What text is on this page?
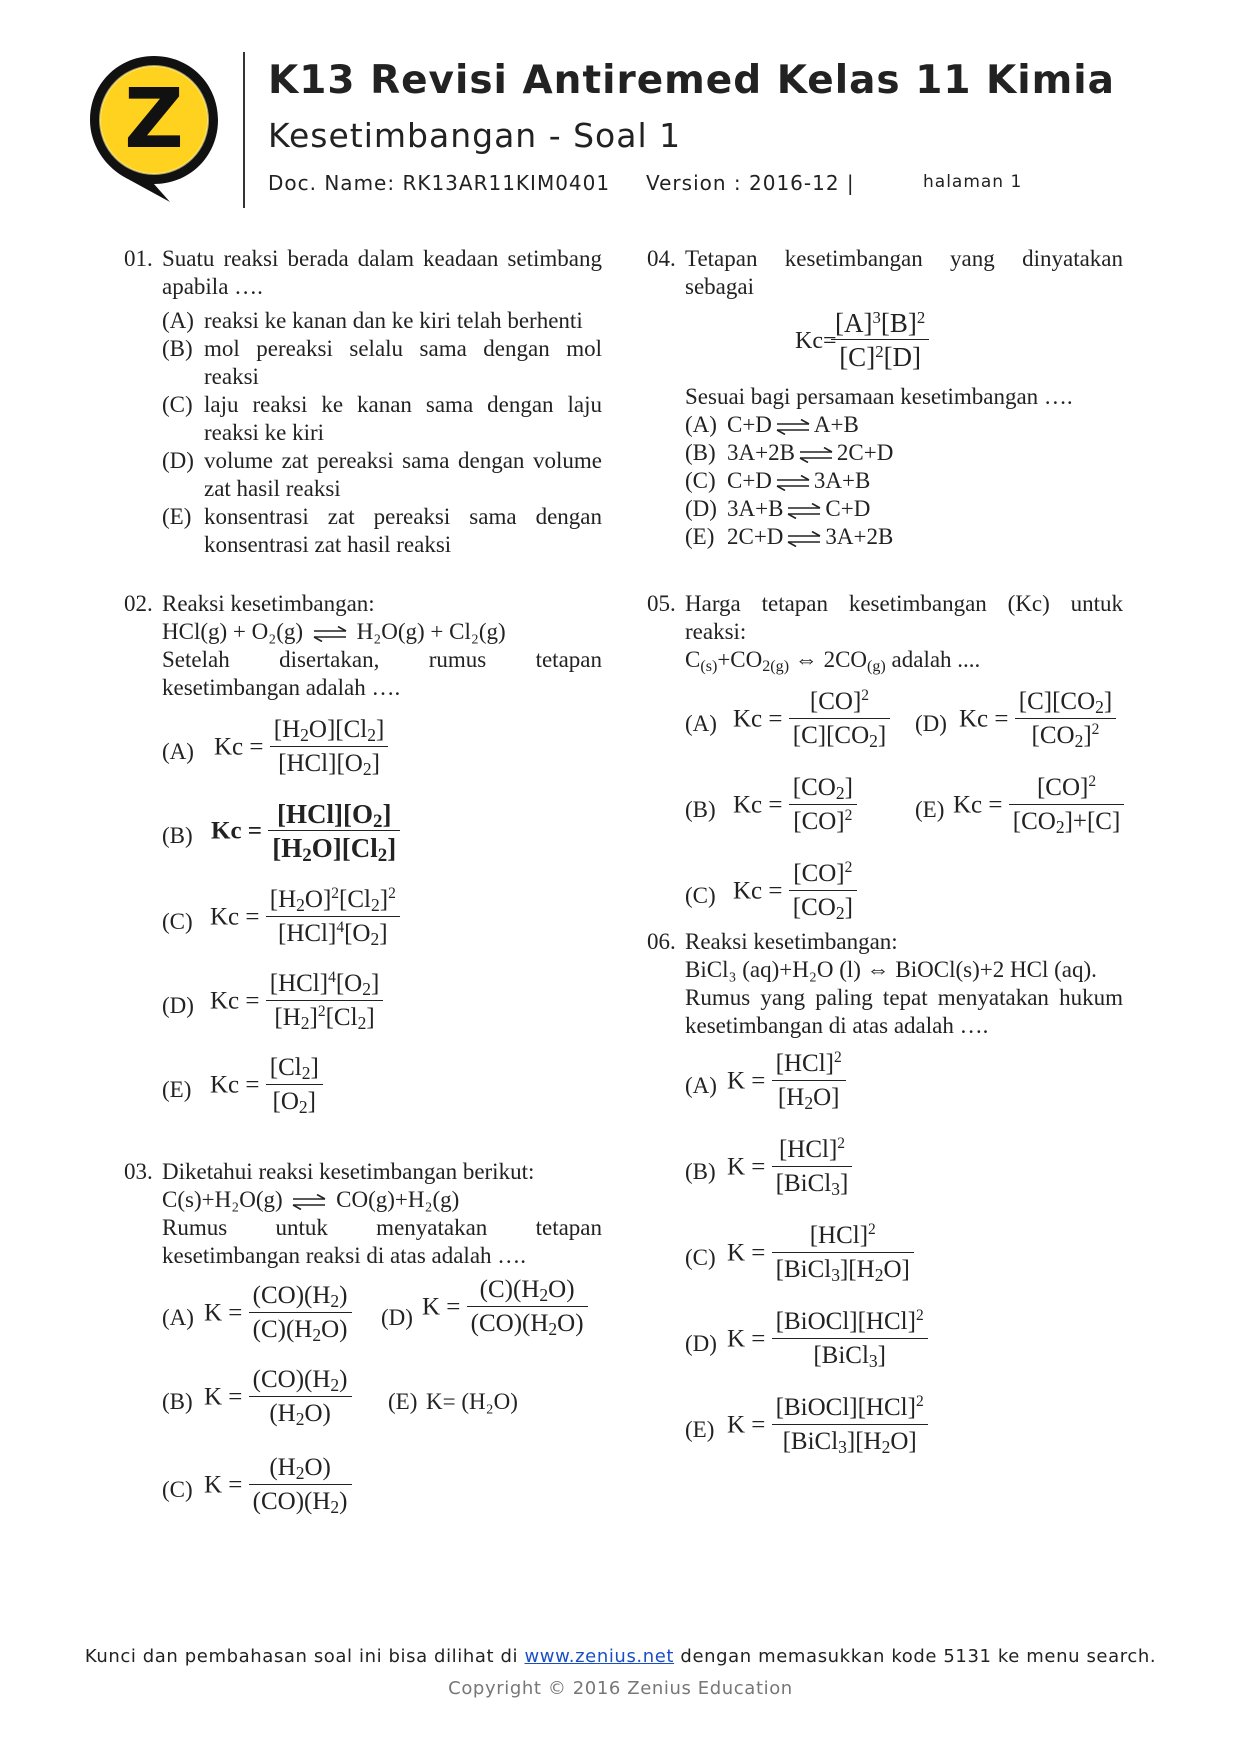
Z K13 Revisi Antiremed Kelas 11 Kimia
Kesetimbangan - Soal 1
Doc. Name: RK13AR11KIM0401 Version : 2016-12 |	halaman 1
01. Suatu reaksi berada dalam keadaan setimbang apabila ….
(A) reaksi ke kanan dan ke kiri telah berhenti
(B) mol pereaksi selalu sama dengan mol reaksi
(C) laju reaksi ke kanan sama dengan laju reaksi ke kiri
(D) volume zat pereaksi sama dengan volume zat hasil reaksi
(E) konsentrasi zat pereaksi sama dengan konsentrasi zat hasil reaksi
02. Reaksi kesetimbangan:
HCl(g) + O₂(g) H₂O(g) + Cl₂(g)
Setelah disertakan, rumus tetapan kesetimbangan adalah ….
(A) $Kc = \frac{[H_2O][Cl_2]}{[HCl][O_2]}$
(B) $Kc = \frac{[HCl][O_2]}{[H_2O][Cl_2]}$
(C) $Kc = \frac{[H_2O]^2[Cl_2]^2}{[HCl]^4[O_2]}$
(D) $Kc = \frac{[HCl]^4[O_2]}{[H_2]^2[Cl_2]}$
(E) $Kc = \frac{[Cl_2]}{[O_2]}$
03. Diketahui reaksi kesetimbangan berikut:
C(s)+H₂O(g) CO(g)+H₂(g)
Rumus untuk menyatakan tetapan kesetimbangan reaksi di atas adalah ….
(A) $K = \frac{(CO)(H_2)}{(C)(H_2O)} (D) K = \frac{(C)(H_2O)}{(CO)(H_2O)}$
(B) $K = \frac{(CO)(H_2)}{(H_2O)} (E)$ K= (H₂O)
(C) $K = \frac{(H_2O)}{(CO)(H_2)}$
04. Tetapan kesetimbangan yang dinyatakan sebagai
Kc=
$\frac{[A]^3[B]^2}{[C]^2[D]}$
Sesuai bagi persamaan kesetimbangan ….
(A) C+D A+B
(B) 3A+2B 2C+D
(C) C+D 3A+B
(D) 3A+B C+D
(E) 2C+D 3A+2B
05. Harga tetapan kesetimbangan (Kc) untuk reaksi:
$C_{(s)}+CO_{2(g)}$ ⇔ $2CO_{(g)}$ adalah ....
(A) $Kc = \frac{[CO]^2}{[C][CO_2]} (D) Kc = \frac{[C][CO_2]}{[CO_2]^2}$
(B) $Kc = \frac{[CO_2]}{[CO]^2}$	(E) $Kc = \frac{[CO]^2}{[CO_2]+[C]}$
(C) $Kc = \frac{[CO]^2}{[CO_2]}$
06. Reaksi kesetimbangan:
BiCl₃ (aq)+H₂O (l) ⇔ BiOCl(s)+2 HCl (aq).
Rumus yang paling tepat menyatakan hukum kesetimbangan di atas adalah ….
(A) $K = \frac{[HCl]^2}{[H_2O]}$
(B) $K = \frac{[HCl]^2}{[BiCl_3]}$
(C) $K = \frac{[HCl]^2}{[BiCl_3][H_2O]}$
(D) $K = \frac{[BiOCl][HCl]^2}{[BiCl_3]}$
(E) $K = \frac{[BiOCl][HCl]^2}{[BiCl_3][H_2O]}$
Kunci dan pembahasan soal ini bisa dilihat di www.zenius.net dengan memasukkan kode 5131 ke menu search.
Copyright © 2016 Zenius Education
